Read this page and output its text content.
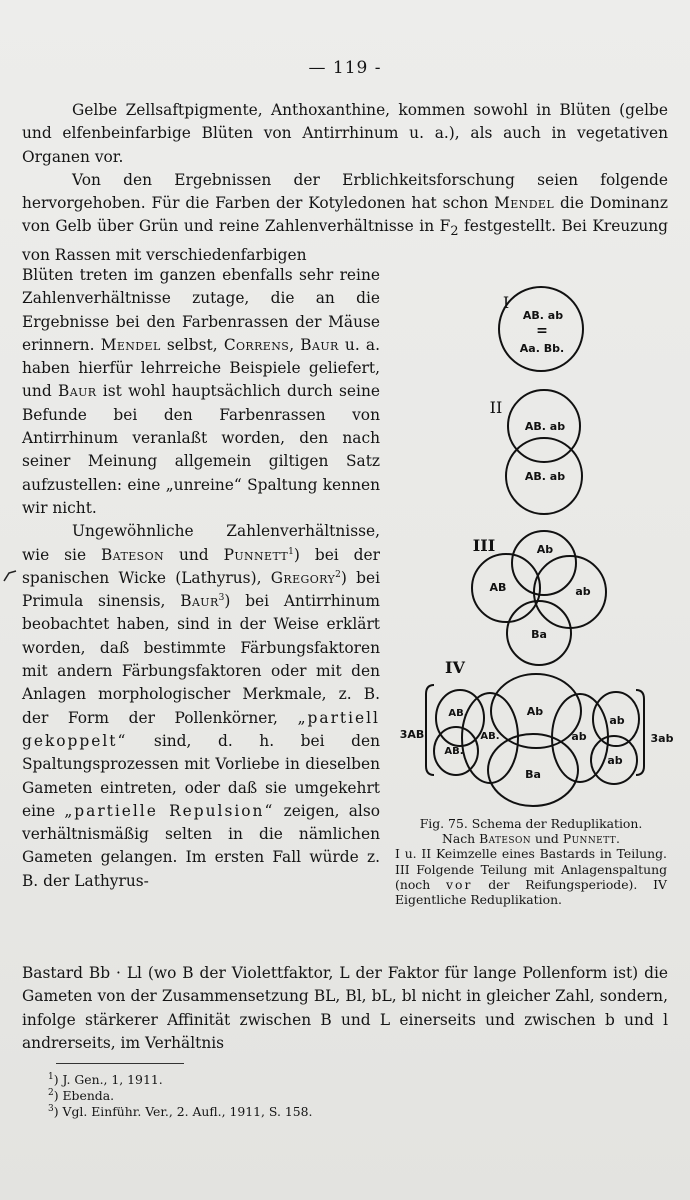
— 119 -

Gelbe Zellsaftpigmente, Anthoxanthine, kommen sowohl in Blüten (gelbe und elfenbeinfarbige Blüten von Antirrhinum u. a.), als auch in vegetativen Organen vor.

Von den Ergebnissen der Erblichkeitsforschung seien folgende hervorgehoben. Für die Farben der Kotyledonen hat schon Mendel die Dominanz von Gelb über Grün und reine Zahlenverhältnisse in $F_2$ festgestellt. Bei Kreuzung von Rassen mit verschiedenfarbigen

Blüten treten im ganzen ebenfalls sehr reine Zahlenverhältnisse zutage, die an die Ergebnisse bei den Farbenrassen der Mäuse erinnern. Mendel selbst, Correns, Baur u. a. haben hierfür lehrreiche Beispiele geliefert, und Baur ist wohl hauptsächlich durch seine Befunde bei den Farbenrassen von Antirrhinum veranlaßt worden, den nach seiner Meinung allgemein giltigen Satz aufzustellen: eine „unreine“ Spaltung kennen wir nicht.

Ungewöhnliche Zahlenverhältnisse, wie sie Bateson und Punnett$^1$) bei der spanischen Wicke (Lathyrus), Gregory$^2$) bei Primula sinensis, Baur$^3$) bei Antirrhinum beobachtet haben, sind in der Weise erklärt worden, daß bestimmte Färbungsfaktoren mit andern Färbungsfaktoren oder mit den Anlagen morphologischer Merkmale, z. B. der Form der Pollenkörner, „partiell gekoppelt“ sind, d. h. bei den Spaltungsprozessen mit Vorliebe in dieselben Gameten eintreten, oder daß sie umgekehrt eine „partielle Repulsion“ zeigen, also verhältnismäßig selten in die nämlichen Gameten gelangen. Im ersten Fall würde z. B. der Lathyrus-

I
AB. ab
=
Aa. Bb.
II
AB. ab
AB. ab
III	Ab
AB	ab
Ba
IV
3AB	3ab
AB.
AB.
AB.
Ab
ab
ab
ab
Ba
Fig. 75. Schema der Reduplikation.
Nach Bateson und Punnett.
I u. II Keimzelle eines Bastards in Teilung. III Folgende Teilung mit Anlagenspaltung (noch vor der Reifungsperiode). IV Eigentliche Reduplikation.

Bastard Bb · Ll (wo B der Violettfaktor, L der Faktor für lange Pollenform ist) die Gameten von der Zusammensetzung BL, Bl, bL, bl nicht in gleicher Zahl, sondern, infolge stärkerer Affinität zwischen B und L einerseits und zwischen b und l andrerseits, im Verhältnis

$^1$) J. Gen., 1, 1911.
$^2$) Ebenda.
$^3$) Vgl. Einführ. Ver., 2. Aufl., 1911, S. 158.
